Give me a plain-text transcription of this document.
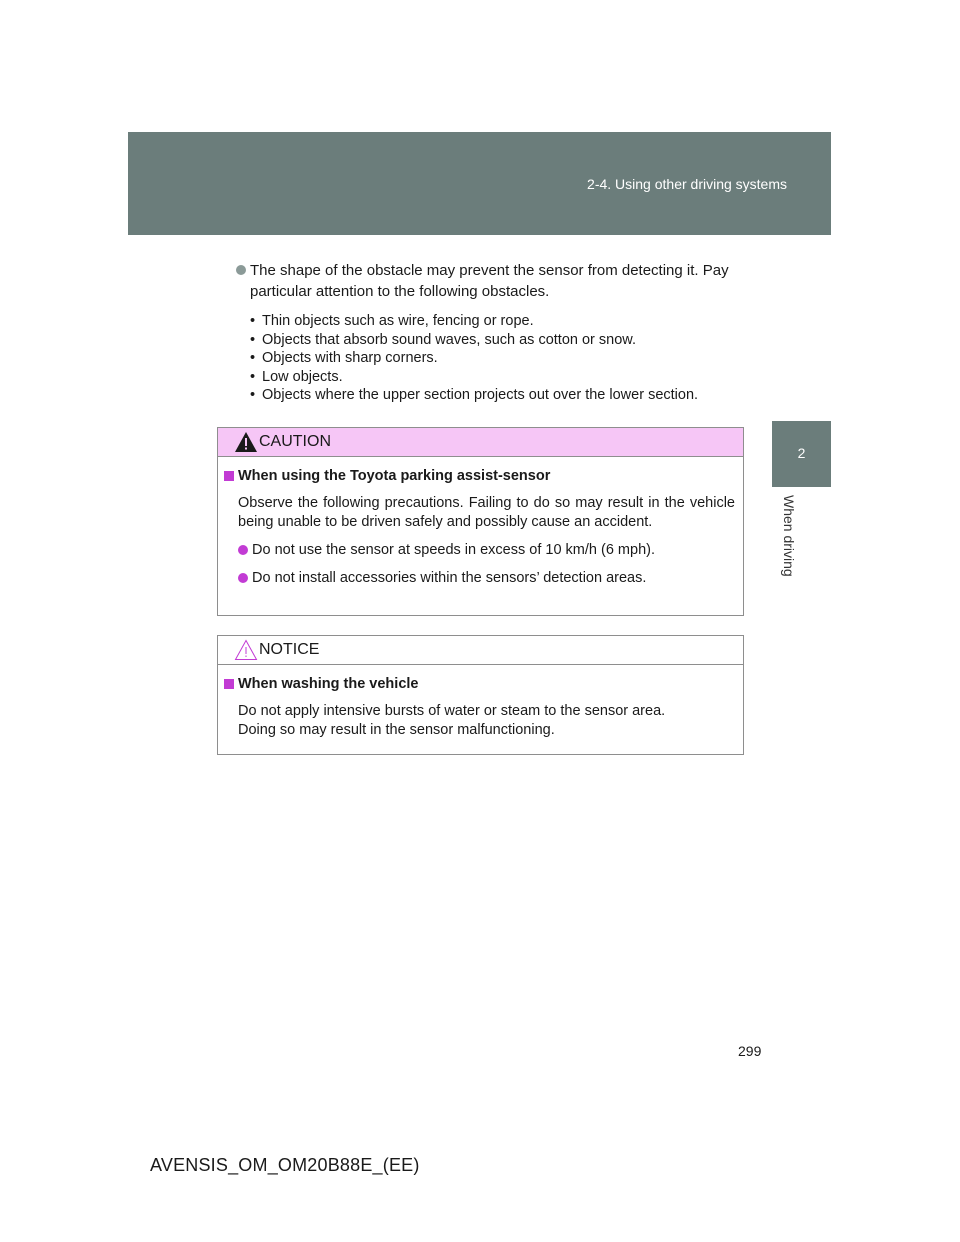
2-4. Using other driving systems
2
When driving
The shape of the obstacle may prevent the sensor from detecting it. Pay particular attention to the following obstacles.
• Thin objects such as wire, fencing or rope.
• Objects that absorb sound waves, such as cotton or snow.
• Objects with sharp corners.
• Low objects.
• Objects where the upper section projects out over the lower section.
CAUTION
When using the Toyota parking assist-sensor
Observe the following precautions. Failing to do so may result in the vehicle being unable to be driven safely and possibly cause an accident.
Do not use the sensor at speeds in excess of 10 km/h (6 mph).
Do not install accessories within the sensors’ detection areas.
NOTICE
When washing the vehicle
Do not apply intensive bursts of water or steam to the sensor area.
Doing so may result in the sensor malfunctioning.
299
AVENSIS_OM_OM20B88E_(EE)
